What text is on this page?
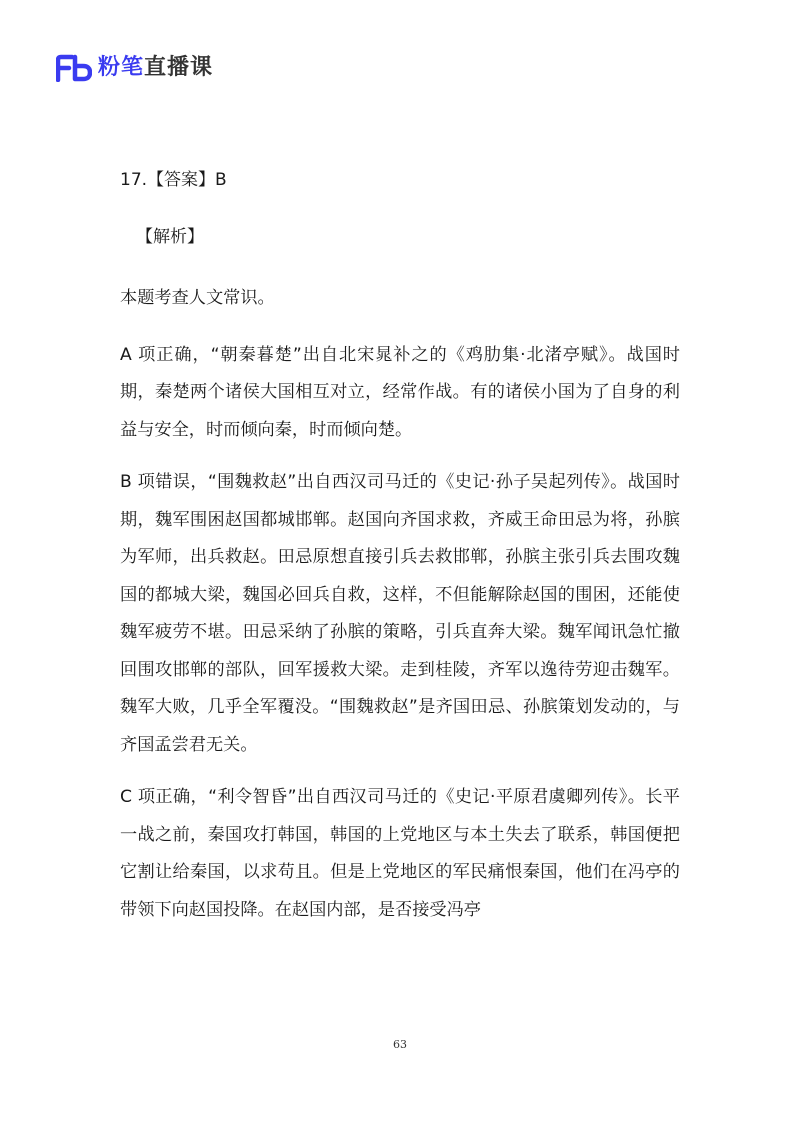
粉笔直播课
17.【答案】B
【解析】

本题考查人文常识。

A 项正确，“朝秦暮楚”出自北宋晁补之的《鸡肋集·北渚亭赋》。战国时期，秦楚两个诸侯大国相互对立，经常作战。有的诸侯小国为了自身的利益与安全，时而倾向秦，时而倾向楚。

B 项错误，“围魏救赵”出自西汉司马迁的《史记·孙子吴起列传》。战国时期，魏军围困赵国都城邯郸。赵国向齐国求救，齐威王命田忌为将，孙膑为军师，出兵救赵。田忌原想直接引兵去救邯郸，孙膑主张引兵去围攻魏国的都城大梁，魏国必回兵自救，这样，不但能解除赵国的围困，还能使魏军疲劳不堪。田忌采纳了孙膑的策略，引兵直奔大梁。魏军闻讯急忙撤回围攻邯郸的部队，回军援救大梁。走到桂陵，齐军以逸待劳迎击魏军。魏军大败，几乎全军覆没。“围魏救赵”是齐国田忌、孙膑策划发动的，与齐国孟尝君无关。

C 项正确，“利令智昏”出自西汉司马迁的《史记·平原君虞卿列传》。长平一战之前，秦国攻打韩国，韩国的上党地区与本土失去了联系，韩国便把它割让给秦国，以求苟且。但是上党地区的军民痛恨秦国，他们在冯亭的带领下向赵国投降。在赵国内部，是否接受冯亭

63
